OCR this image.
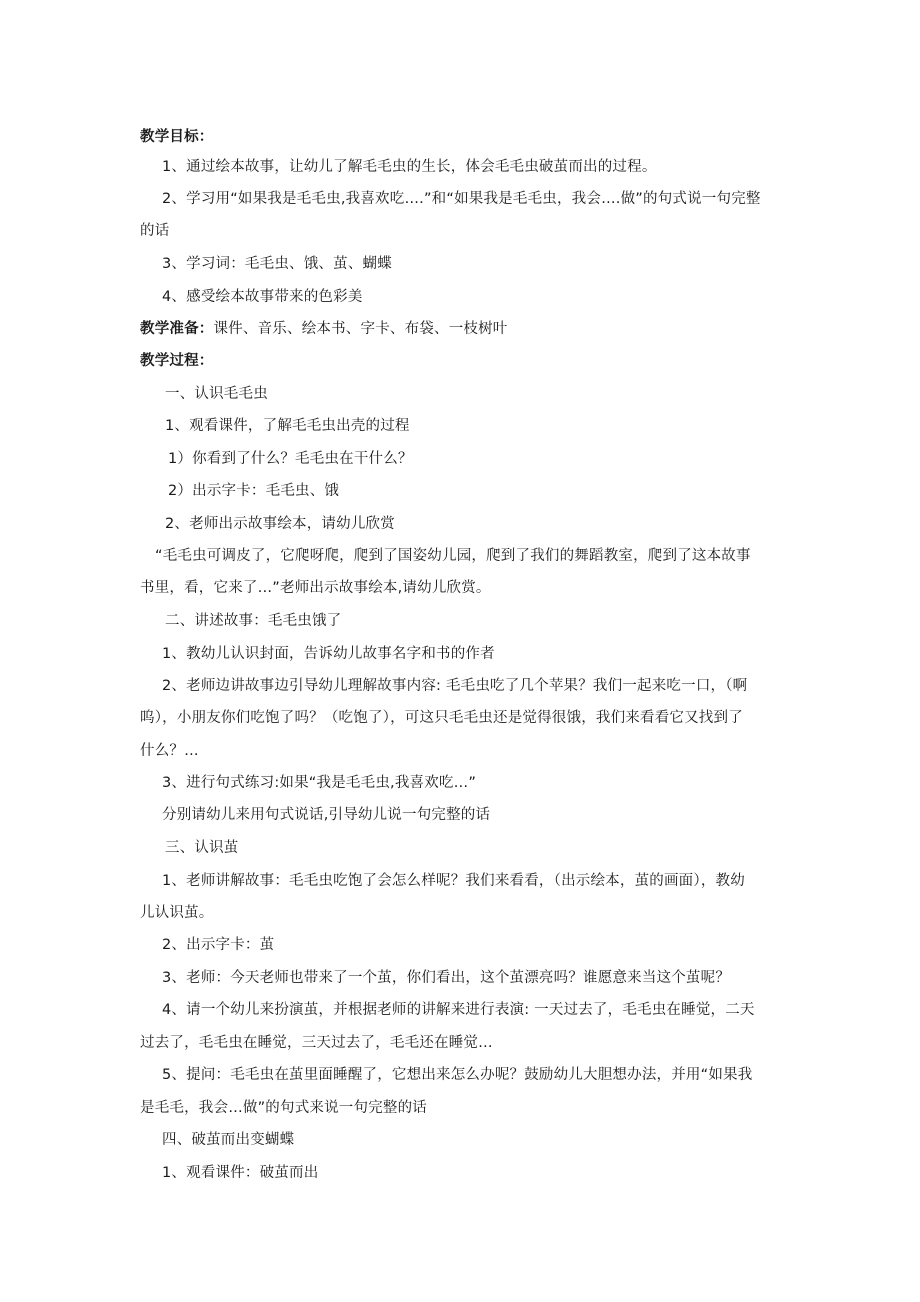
教学目标：
1、通过绘本故事，让幼儿了解毛毛虫的生长，体会毛毛虫破茧而出的过程。
2、学习用“如果我是毛毛虫,我喜欢吃….”和“如果我是毛毛虫，我会….做”的句式说一句完整
的话
3、学习词：毛毛虫、饿、茧、蝴蝶
4、感受绘本故事带来的色彩美
教学准备：课件、音乐、绘本书、字卡、布袋、一枝树叶
教学过程：
一、认识毛毛虫
1、观看课件，了解毛毛虫出壳的过程
1）你看到了什么？毛毛虫在干什么？
2）出示字卡：毛毛虫、饿
2、老师出示故事绘本，请幼儿欣赏
“毛毛虫可调皮了，它爬呀爬，爬到了国姿幼儿园，爬到了我们的舞蹈教室，爬到了这本故事
书里，看，它来了…”老师出示故事绘本,请幼儿欣赏。
二、讲述故事：毛毛虫饿了
1、教幼儿认识封面，告诉幼儿故事名字和书的作者
2、老师边讲故事边引导幼儿理解故事内容: 毛毛虫吃了几个苹果？我们一起来吃一口，（啊
呜），小朋友你们吃饱了吗？（吃饱了），可这只毛毛虫还是觉得很饿，我们来看看它又找到了
什么？…
3、进行句式练习:如果“我是毛毛虫,我喜欢吃…”
分别请幼儿来用句式说话,引导幼儿说一句完整的话
三、认识茧
1、老师讲解故事：毛毛虫吃饱了会怎么样呢？我们来看看，（出示绘本，茧的画面），教幼
儿认识茧。
2、出示字卡：茧
3、老师：今天老师也带来了一个茧，你们看出，这个茧漂亮吗？谁愿意来当这个茧呢？
4、请一个幼儿来扮演茧，并根据老师的讲解来进行表演: 一天过去了，毛毛虫在睡觉，二天
过去了，毛毛虫在睡觉，三天过去了，毛毛还在睡觉…
5、提问：毛毛虫在茧里面睡醒了，它想出来怎么办呢？鼓励幼儿大胆想办法，并用“如果我
是毛毛，我会…做”的句式来说一句完整的话
四、破茧而出变蝴蝶
1、观看课件：破茧而出
